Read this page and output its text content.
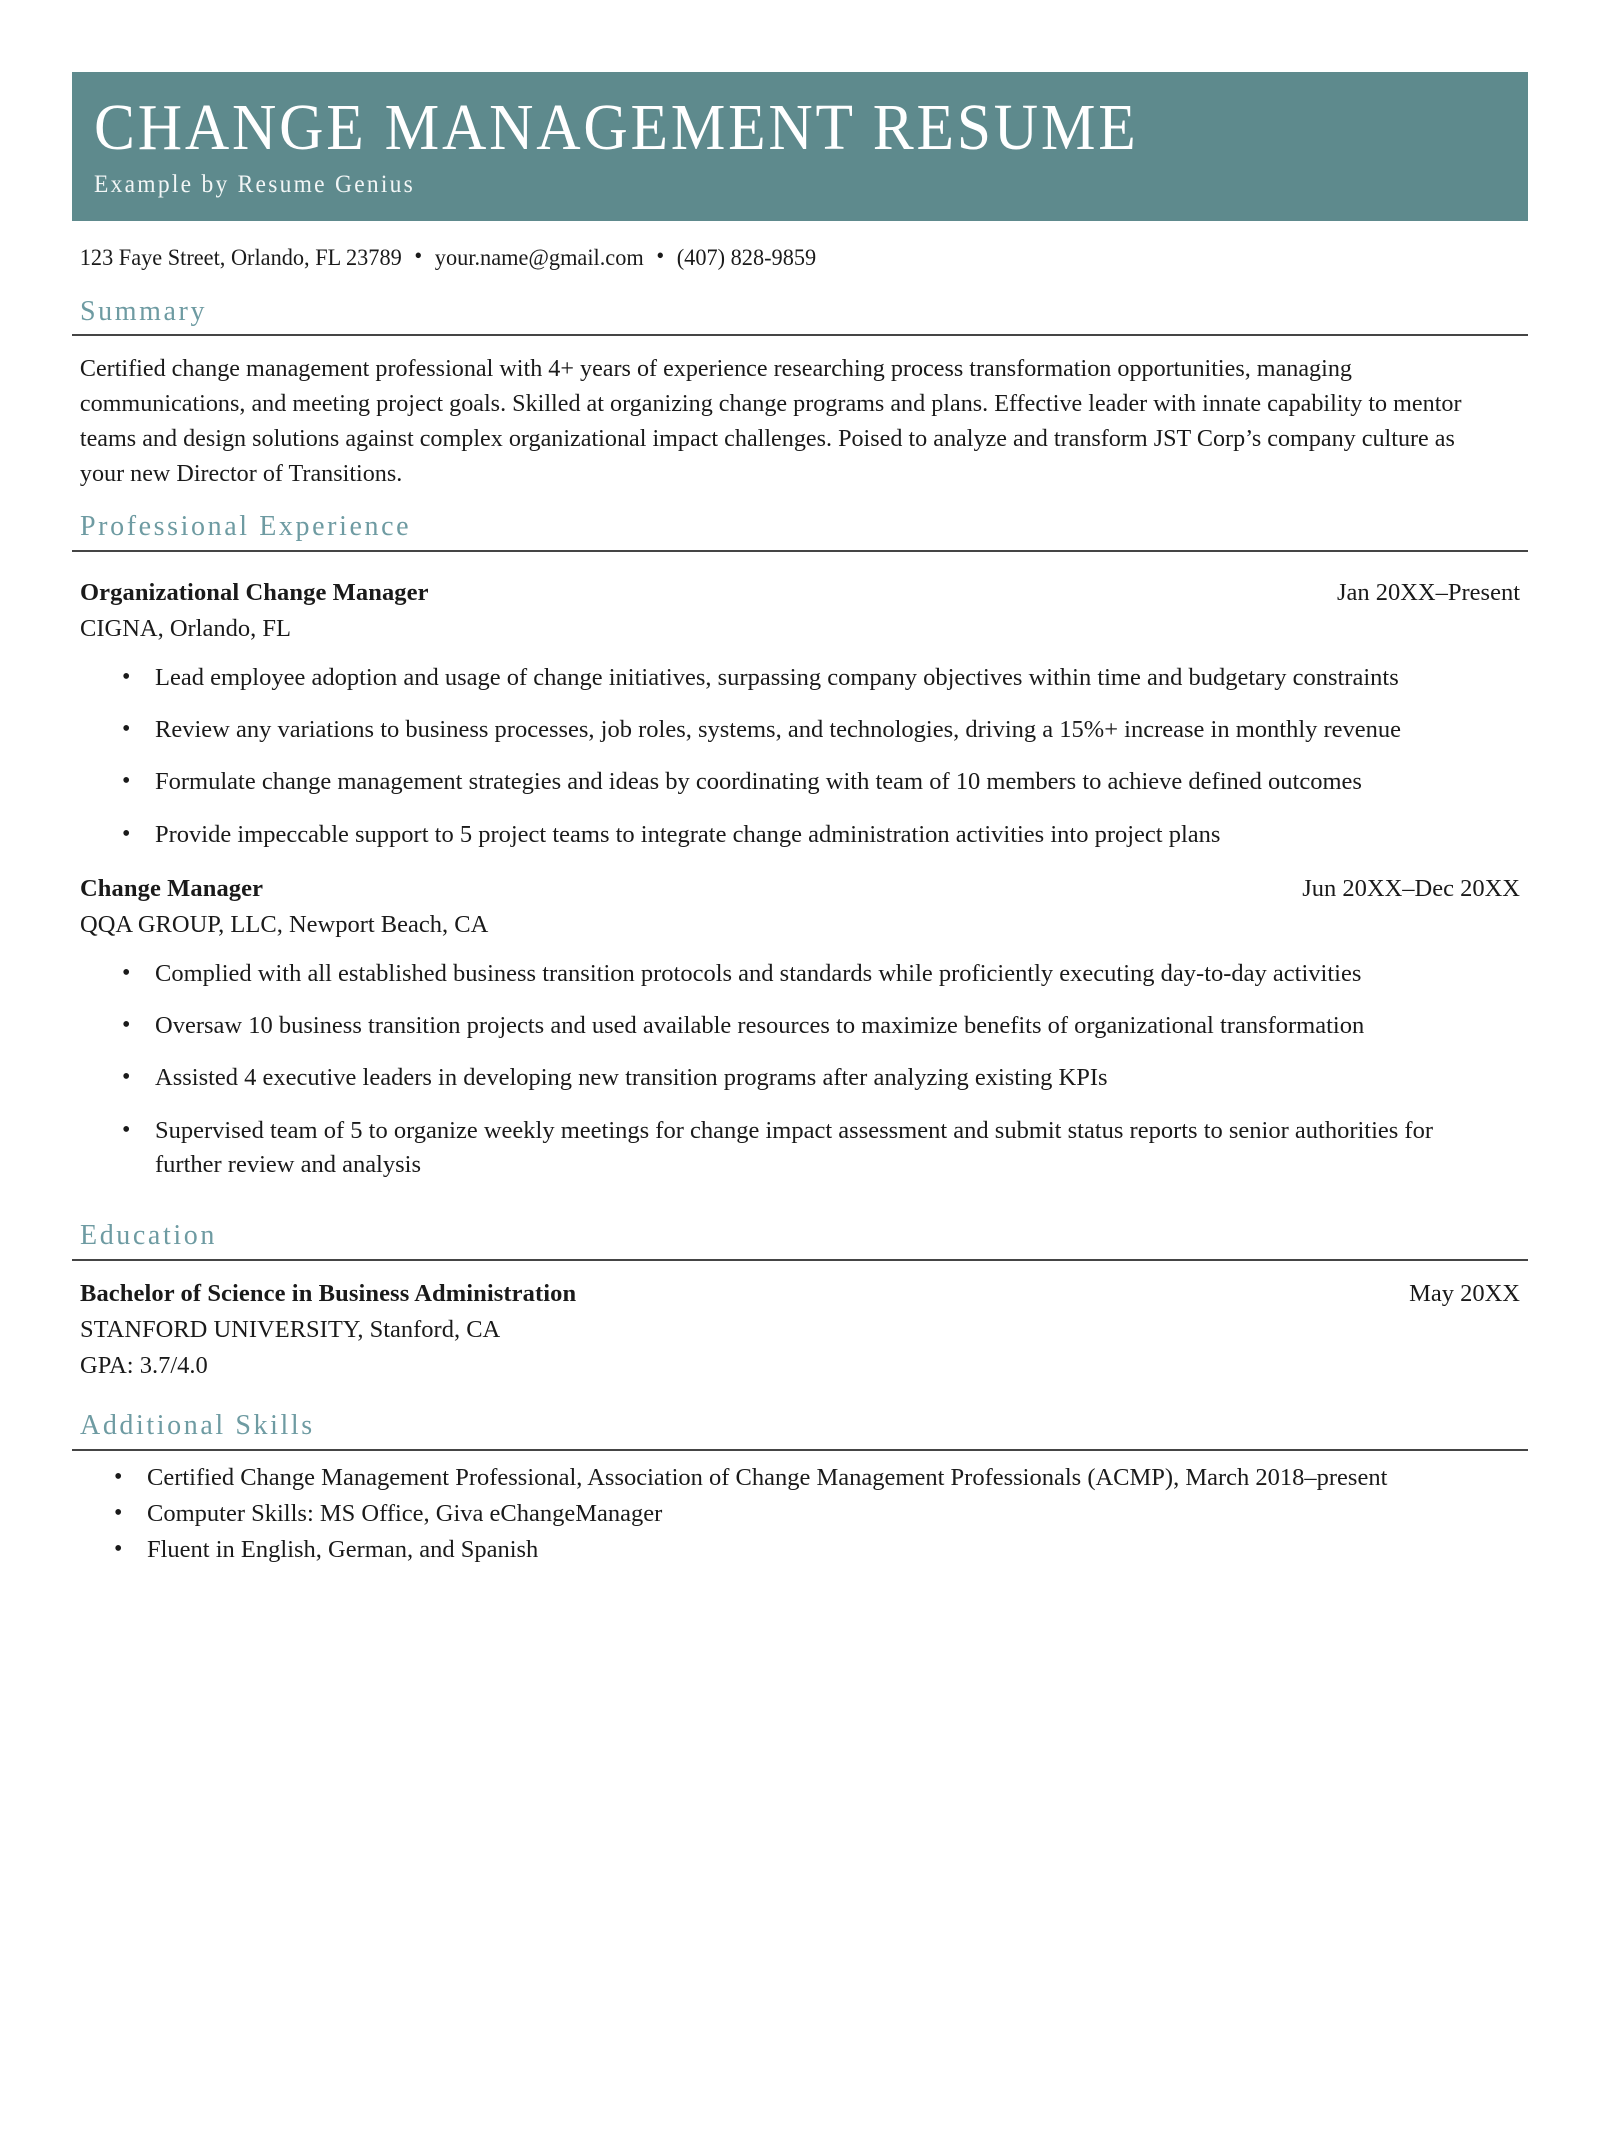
CHANGE MANAGEMENT RESUME
Example by Resume Genius
123 Faye Street, Orlando, FL 23789 • your.name@gmail.com • (407) 828-9859
Summary
Certified change management professional with 4+ years of experience researching process transformation opportunities, managing communications, and meeting project goals. Skilled at organizing change programs and plans. Effective leader with innate capability to mentor teams and design solutions against complex organizational impact challenges. Poised to analyze and transform JST Corp’s company culture as your new Director of Transitions.
Professional Experience
Organizational Change Manager	Jan 20XX–Present
CIGNA, Orlando, FL
• Lead employee adoption and usage of change initiatives, surpassing company objectives within time and budgetary constraints
• Review any variations to business processes, job roles, systems, and technologies, driving a 15%+ increase in monthly revenue
• Formulate change management strategies and ideas by coordinating with team of 10 members to achieve defined outcomes
• Provide impeccable support to 5 project teams to integrate change administration activities into project plans
Change Manager	Jun 20XX–Dec 20XX
QQA GROUP, LLC, Newport Beach, CA
• Complied with all established business transition protocols and standards while proficiently executing day-to-day activities
• Oversaw 10 business transition projects and used available resources to maximize benefits of organizational transformation
• Assisted 4 executive leaders in developing new transition programs after analyzing existing KPIs
• Supervised team of 5 to organize weekly meetings for change impact assessment and submit status reports to senior authorities for further review and analysis
Education
Bachelor of Science in Business Administration	May 20XX
STANFORD UNIVERSITY, Stanford, CA
GPA: 3.7/4.0
Additional Skills
• Certified Change Management Professional, Association of Change Management Professionals (ACMP), March 2018–present
• Computer Skills: MS Office, Giva eChangeManager
• Fluent in English, German, and Spanish
